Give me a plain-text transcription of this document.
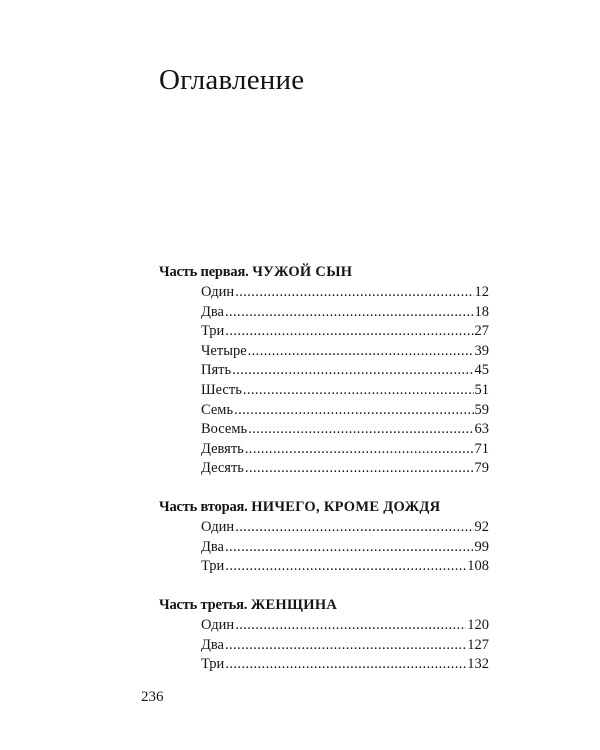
Оглавление
Часть первая. ЧУЖОЙ СЫН
Один .....	12
Два .....	18
Три .....	27
Четыре .....	39
Пять .....	45
Шесть .....	51
Семь .....	59
Восемь .....	63
Девять .....	71
Десять .....	79
Часть вторая. НИЧЕГО, КРОМЕ ДОЖДЯ
Один .....	92
Два .....	99
Три .....	108
Часть третья. ЖЕНЩИНА
Один .....	120
Два .....	127
Три .....	132
236
